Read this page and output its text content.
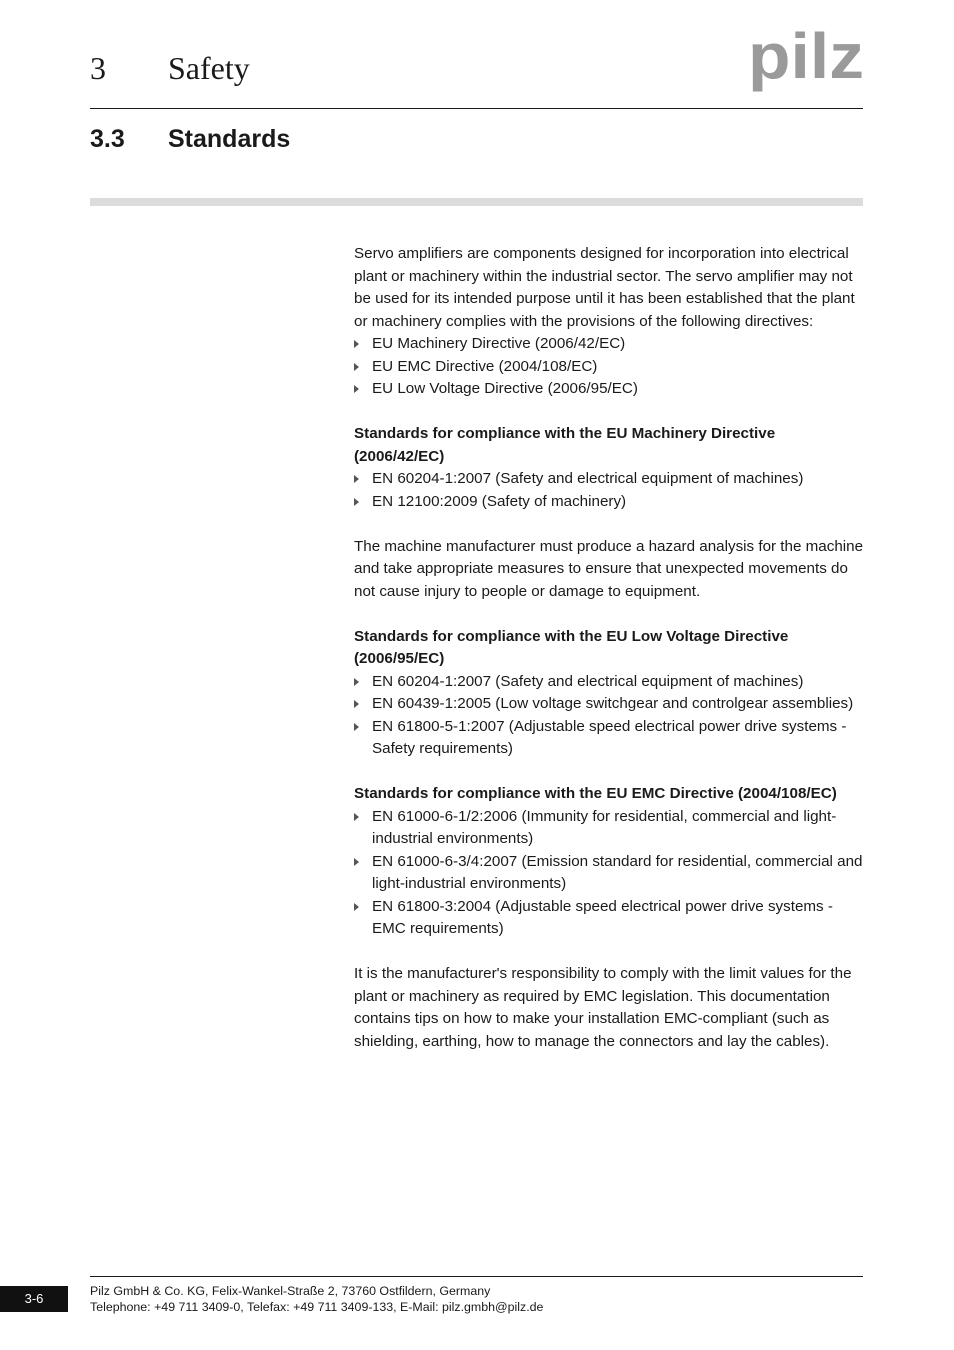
3 Safety	pilz
3.3 Standards

Servo amplifiers are components designed for incorporation into electrical plant or machinery within the industrial sector. The servo amplifier may not be used for its intended purpose until it has been established that the plant or machinery complies with the provisions of the following directives:

EU Machinery Directive (2006/42/EC)
EU EMC Directive (2004/108/EC)
EU Low Voltage Directive (2006/95/EC)
Standards for compliance with the EU Machinery Directive (2006/42/EC)
EN 60204-1:2007 (Safety and electrical equipment of machines)
EN 12100:2009 (Safety of machinery)

The machine manufacturer must produce a hazard analysis for the machine and take appropriate measures to ensure that unexpected movements do not cause injury to people or damage to equipment.

Standards for compliance with the EU Low Voltage Directive (2006/95/EC)
EN 60204-1:2007 (Safety and electrical equipment of machines)
EN 60439-1:2005 (Low voltage switchgear and controlgear assemblies)
EN 61800-5-1:2007 (Adjustable speed electrical power drive systems - Safety requirements)
Standards for compliance with the EU EMC Directive (2004/108/EC)
EN 61000-6-1/2:2006 (Immunity for residential, commercial and light-industrial environments)
EN 61000-6-3/4:2007 (Emission standard for residential, commercial and light-industrial environments)
EN 61800-3:2004 (Adjustable speed electrical power drive systems - EMC requirements)

It is the manufacturer's responsibility to comply with the limit values for the plant or machinery as required by EMC legislation. This documentation contains tips on how to make your installation EMC-compliant (such as shielding, earthing, how to manage the connectors and lay the cables).

3-6	Pilz GmbH & Co. KG, Felix-Wankel-Straße 2, 73760 Ostfildern, Germany
Telephone: +49 711 3409-0, Telefax: +49 711 3409-133, E-Mail: pilz.gmbh@pilz.de
